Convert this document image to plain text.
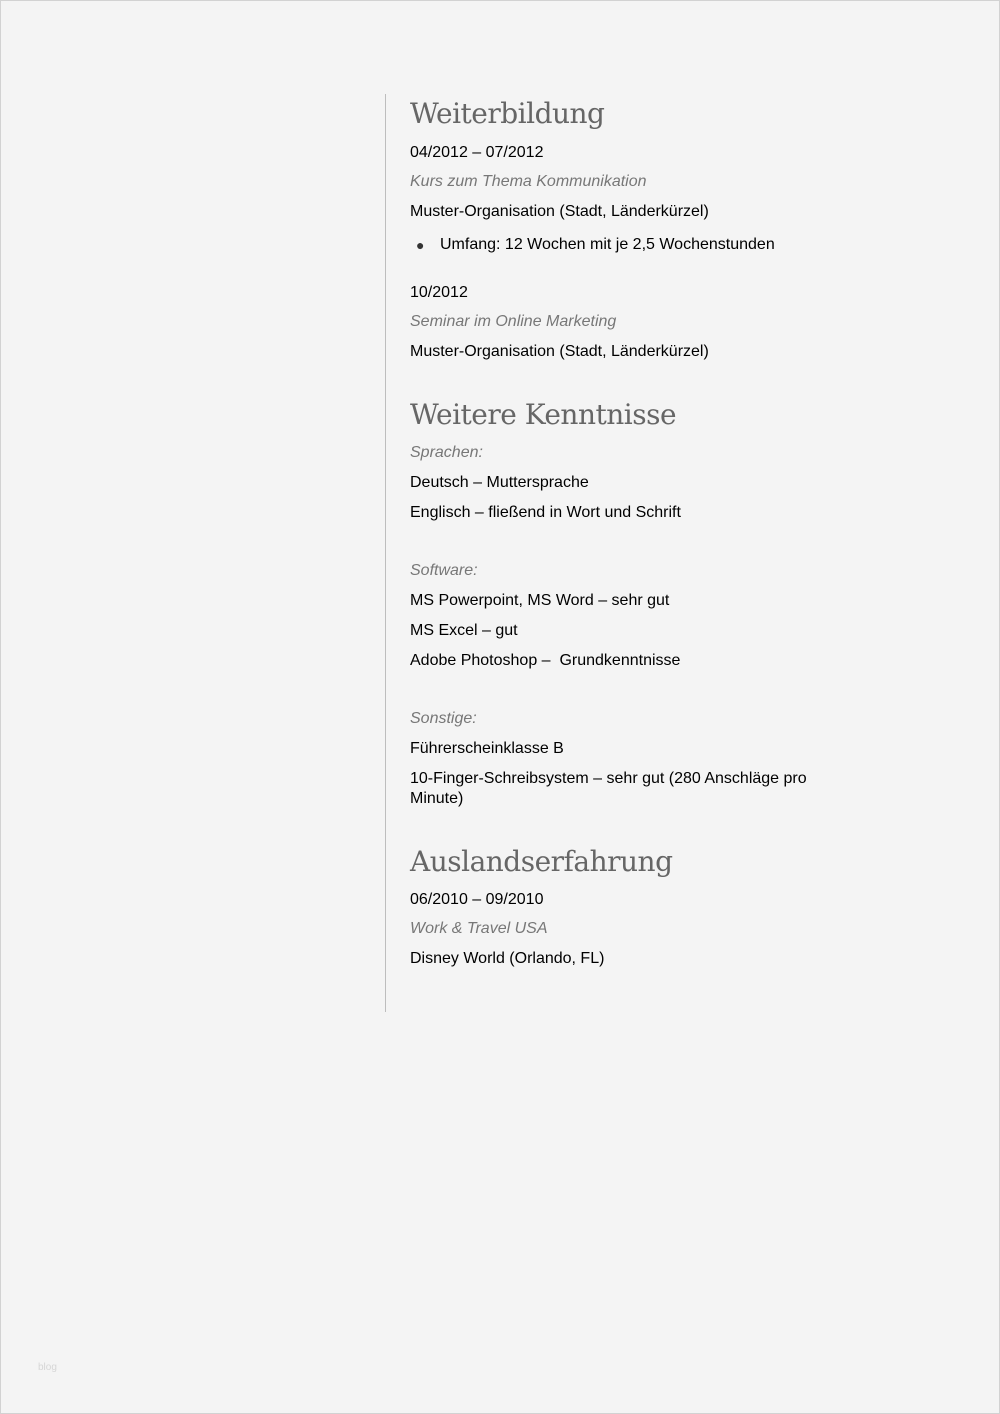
Weiterbildung

04/2012 – 07/2012

Kurs zum Thema Kommunikation

Muster-Organisation (Stadt, Länderkürzel)

● Umfang: 12 Wochen mit je 2,5 Wochenstunden

10/2012

Seminar im Online Marketing

Muster-Organisation (Stadt, Länderkürzel)

Weitere Kenntnisse

Sprachen:

Deutsch – Muttersprache

Englisch – fließend in Wort und Schrift

Software:

MS Powerpoint, MS Word – sehr gut

MS Excel – gut

Adobe Photoshop –  Grundkenntnisse

Sonstige:

Führerscheinklasse B

10-Finger-Schreibsystem – sehr gut (280 Anschläge pro Minute)

Auslandserfahrung

06/2010 – 09/2010

Work & Travel USA

Disney World (Orlando, FL)

blog
